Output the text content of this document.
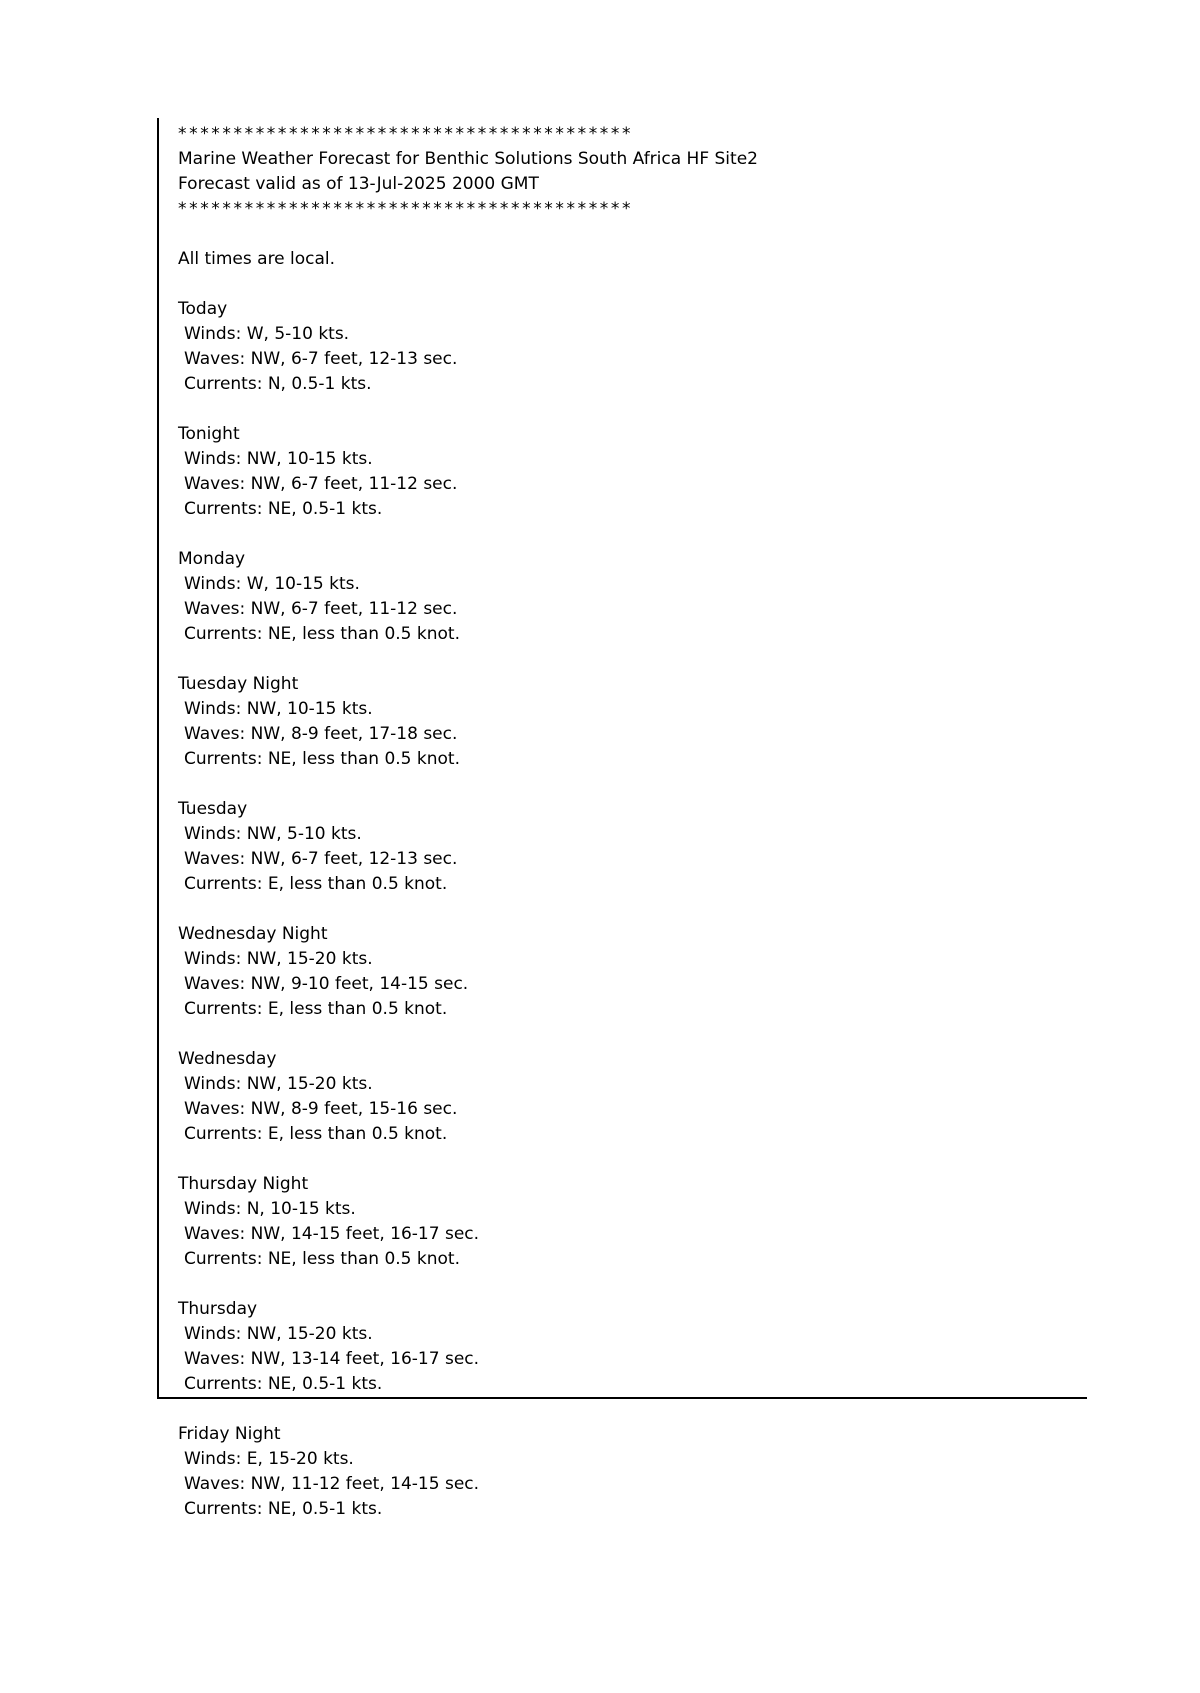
*****************************************
Marine Weather Forecast for Benthic Solutions South Africa HF Site2
Forecast valid as of 13-Jul-2025 2000 GMT
*****************************************
All times are local.
Today
Winds: W, 5-10 kts.
Waves: NW, 6-7 feet, 12-13 sec.
Currents: N, 0.5-1 kts.
Tonight
Winds: NW, 10-15 kts.
Waves: NW, 6-7 feet, 11-12 sec.
Currents: NE, 0.5-1 kts.
Monday
Winds: W, 10-15 kts.
Waves: NW, 6-7 feet, 11-12 sec.
Currents: NE, less than 0.5 knot.
Tuesday Night
Winds: NW, 10-15 kts.
Waves: NW, 8-9 feet, 17-18 sec.
Currents: NE, less than 0.5 knot.
Tuesday
Winds: NW, 5-10 kts.
Waves: NW, 6-7 feet, 12-13 sec.
Currents: E, less than 0.5 knot.
Wednesday Night
Winds: NW, 15-20 kts.
Waves: NW, 9-10 feet, 14-15 sec.
Currents: E, less than 0.5 knot.
Wednesday
Winds: NW, 15-20 kts.
Waves: NW, 8-9 feet, 15-16 sec.
Currents: E, less than 0.5 knot.
Thursday Night
Winds: N, 10-15 kts.
Waves: NW, 14-15 feet, 16-17 sec.
Currents: NE, less than 0.5 knot.
Thursday
Winds: NW, 15-20 kts.
Waves: NW, 13-14 feet, 16-17 sec.
Currents: NE, 0.5-1 kts.
Friday Night
Winds: E, 15-20 kts.
Waves: NW, 11-12 feet, 14-15 sec.
Currents: NE, 0.5-1 kts.
